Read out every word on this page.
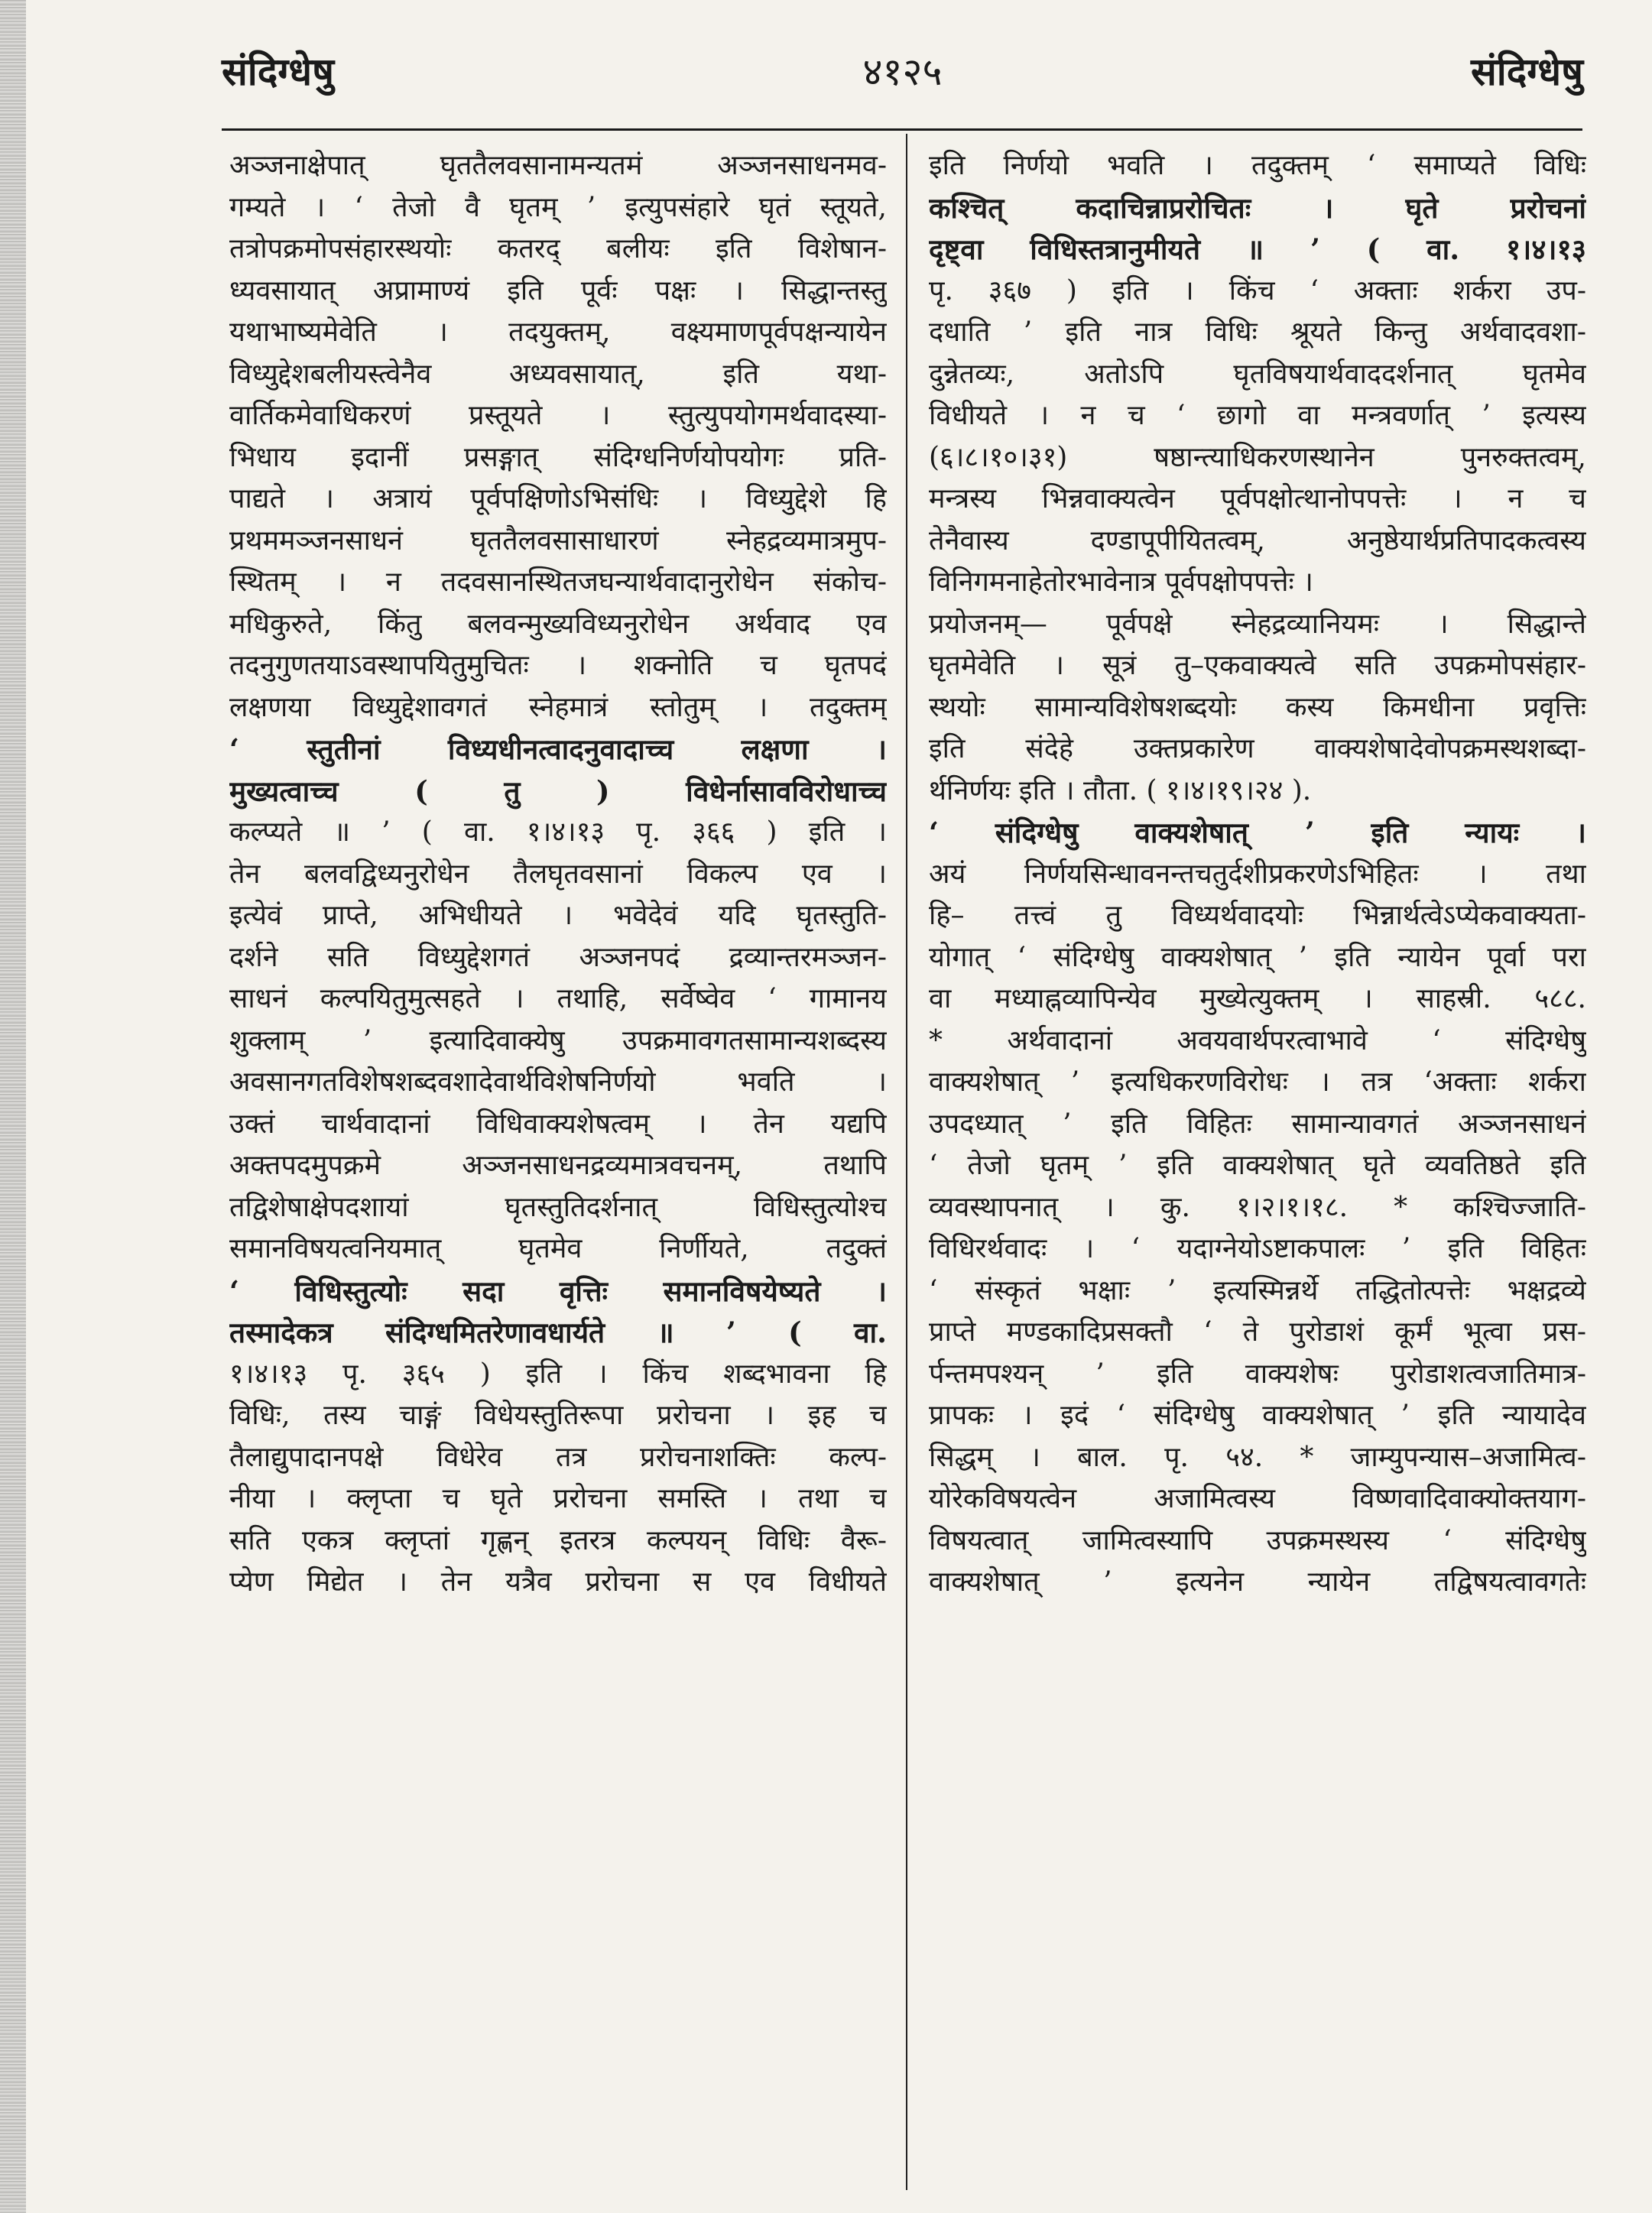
संदिग्धेषु	४१२५	संदिग्धेषु
अञ्जनाक्षेपात् घृततैलवसानामन्यतमं अञ्जनसाधनमव-
गम्यते । ‘ तेजो वै घृतम् ’ इत्युपसंहारे घृतं स्तूयते,
तत्रोपक्रमोपसंहारस्थयोः कतरद् बलीयः इति विशेषान-
ध्यवसायात् अप्रामाण्यं इति पूर्वः पक्षः । सिद्धान्तस्तु
यथाभाष्यमेवेति । तदयुक्तम्, वक्ष्यमाणपूर्वपक्षन्यायेन
विध्युद्देशबलीयस्त्वेनैव अध्यवसायात्, इति यथा-
वार्तिकमेवाधिकरणं प्रस्तूयते । स्तुत्युपयोगमर्थवादस्या-
भिधाय इदानीं प्रसङ्गात् संदिग्धनिर्णयोपयोगः प्रति-
पाद्यते । अत्रायं पूर्वपक्षिणोऽभिसंधिः । विध्युद्देशे हि
प्रथममञ्जनसाधनं घृततैलवसासाधारणं स्नेहद्रव्यमात्रमुप-
स्थितम् । न तदवसानस्थितजघन्यार्थवादानुरोधेन संकोच-
मधिकुरुते, किंतु बलवन्मुख्यविध्यनुरोधेन अर्थवाद एव
तदनुगुणतयाऽवस्थापयितुमुचितः । शक्नोति च घृतपदं
लक्षणया विध्युद्देशावगतं स्नेहमात्रं स्तोतुम् । तदुक्तम्
‘ स्तुतीनां विध्यधीनत्वादनुवादाच्च लक्षणा ।
मुख्यत्वाच्च ( तु ) विधेर्नासावविरोधाच्च
कल्प्यते ॥ ’ ( वा. १।४।१३ पृ. ३६६ ) इति ।
तेन बलवद्विध्यनुरोधेन तैलघृतवसानां विकल्प एव ।
इत्येवं प्राप्ते, अभिधीयते । भवेदेवं यदि घृतस्तुति-
दर्शने सति विध्युद्देशगतं अञ्जनपदं द्रव्यान्तरमञ्जन-
साधनं कल्पयितुमुत्सहते । तथाहि, सर्वेष्वेव ‘ गामानय
शुक्लाम् ’ इत्यादिवाक्येषु उपक्रमावगतसामान्यशब्दस्य
अवसानगतविशेषशब्दवशादेवार्थविशेषनिर्णयो भवति ।
उक्तं चार्थवादानां विधिवाक्यशेषत्वम् । तेन यद्यपि
अक्तपदमुपक्रमे अञ्जनसाधनद्रव्यमात्रवचनम्, तथापि
तद्विशेषाक्षेपदशायां घृतस्तुतिदर्शनात् विधिस्तुत्योश्च
समानविषयत्वनियमात् घृतमेव निर्णीयते, तदुक्तं
‘ विधिस्तुत्योः सदा वृत्तिः समानविषयेष्यते ।
तस्मादेकत्र संदिग्धमितरेणावधार्यते ॥ ’ ( वा.
१।४।१३ पृ. ३६५ ) इति । किंच शब्दभावना हि
विधिः, तस्य चाङ्गं विधेयस्तुतिरूपा प्ररोचना । इह च
तैलाद्युपादानपक्षे विधेरेव तत्र प्ररोचनाशक्तिः कल्प-
नीया । क्लृप्ता च घृते प्ररोचना समस्ति । तथा च
सति एकत्र क्लृप्तां गृह्णन् इतरत्र कल्पयन् विधिः वैरू-
प्येण मिद्येत । तेन यत्रैव प्ररोचना स एव विधीयते
इति निर्णयो भवति । तदुक्तम् ‘ समाप्यते विधिः
कश्चित् कदाचिन्नाप्ररोचितः । घृते प्ररोचनां
दृष्ट्वा विधिस्तत्रानुमीयते ॥ ’ ( वा. १।४।१३
पृ. ३६७ ) इति । किंच ‘ अक्ताः शर्करा उप-
दधाति ’ इति नात्र विधिः श्रूयते किन्तु अर्थवादवशा-
दुन्नेतव्यः, अतोऽपि घृतविषयार्थवाददर्शनात् घृतमेव
विधीयते । न च ‘ छागो वा मन्त्रवर्णात् ’ इत्यस्य
(६।८।१०।३१) षष्ठान्त्याधिकरणस्थानेन पुनरुक्तत्वम्,
मन्त्रस्य भिन्नवाक्यत्वेन पूर्वपक्षोत्थानोपपत्तेः । न च
तेनैवास्य दण्डापूपीयितत्वम्, अनुष्ठेयार्थप्रतिपादकत्वस्य
विनिगमनाहेतोरभावेनात्र पूर्वपक्षोपपत्तेः ।
प्रयोजनम्— पूर्वपक्षे स्नेहद्रव्यानियमः । सिद्धान्ते
घृतमेवेति । सूत्रं तु–एकवाक्यत्वे सति उपक्रमोपसंहार-
स्थयोः सामान्यविशेषशब्दयोः कस्य किमधीना प्रवृत्तिः
इति संदेहे उक्तप्रकारेण वाक्यशेषादेवोपक्रमस्थशब्दा-
र्थनिर्णयः इति । तौता. ( १।४।१९।२४ ).
‘ संदिग्धेषु वाक्यशेषात् ’ इति न्यायः ।
अयं निर्णयसिन्धावनन्तचतुर्दशीप्रकरणेऽभिहितः । तथा
हि– तत्त्वं तु विध्यर्थवादयोः भिन्नार्थत्वेऽप्येकवाक्यता-
योगात् ‘ संदिग्धेषु वाक्यशेषात् ’ इति न्यायेन पूर्वा परा
वा मध्याह्नव्यापिन्येव मुख्येत्युक्तम् । साहस्री. ५८८.
* अर्थवादानां अवयवार्थपरत्वाभावे ‘ संदिग्धेषु
वाक्यशेषात् ’ इत्यधिकरणविरोधः । तत्र ‘अक्ताः शर्करा
उपदध्यात् ’ इति विहितः सामान्यावगतं अञ्जनसाधनं
‘ तेजो घृतम् ’ इति वाक्यशेषात् घृते व्यवतिष्ठते इति
व्यवस्थापनात् । कु. १।२।१।१८. * कश्चिज्जाति-
विधिरर्थवादः । ‘ यदाग्नेयोऽष्टाकपालः ’ इति विहितः
‘ संस्कृतं भक्षाः ’ इत्यस्मिन्नर्थे तद्धितोत्पत्तेः भक्षद्रव्ये
प्राप्ते मण्डकादिप्रसक्तौ ‘ ते पुरोडाशं कूर्मं भूत्वा प्रस-
र्पन्तमपश्यन् ’ इति वाक्यशेषः पुरोडाशत्वजातिमात्र-
प्रापकः । इदं ‘ संदिग्धेषु वाक्यशेषात् ’ इति न्यायादेव
सिद्धम् । बाल. पृ. ५४. * जाम्युपन्यास–अजामित्व-
योरेकविषयत्वेन अजामित्वस्य विष्णवादिवाक्योक्तयाग-
विषयत्वात् जामित्वस्यापि उपक्रमस्थस्य ‘ संदिग्धेषु
वाक्यशेषात् ’ इत्यनेन न्यायेन तद्विषयत्वावगतेः
